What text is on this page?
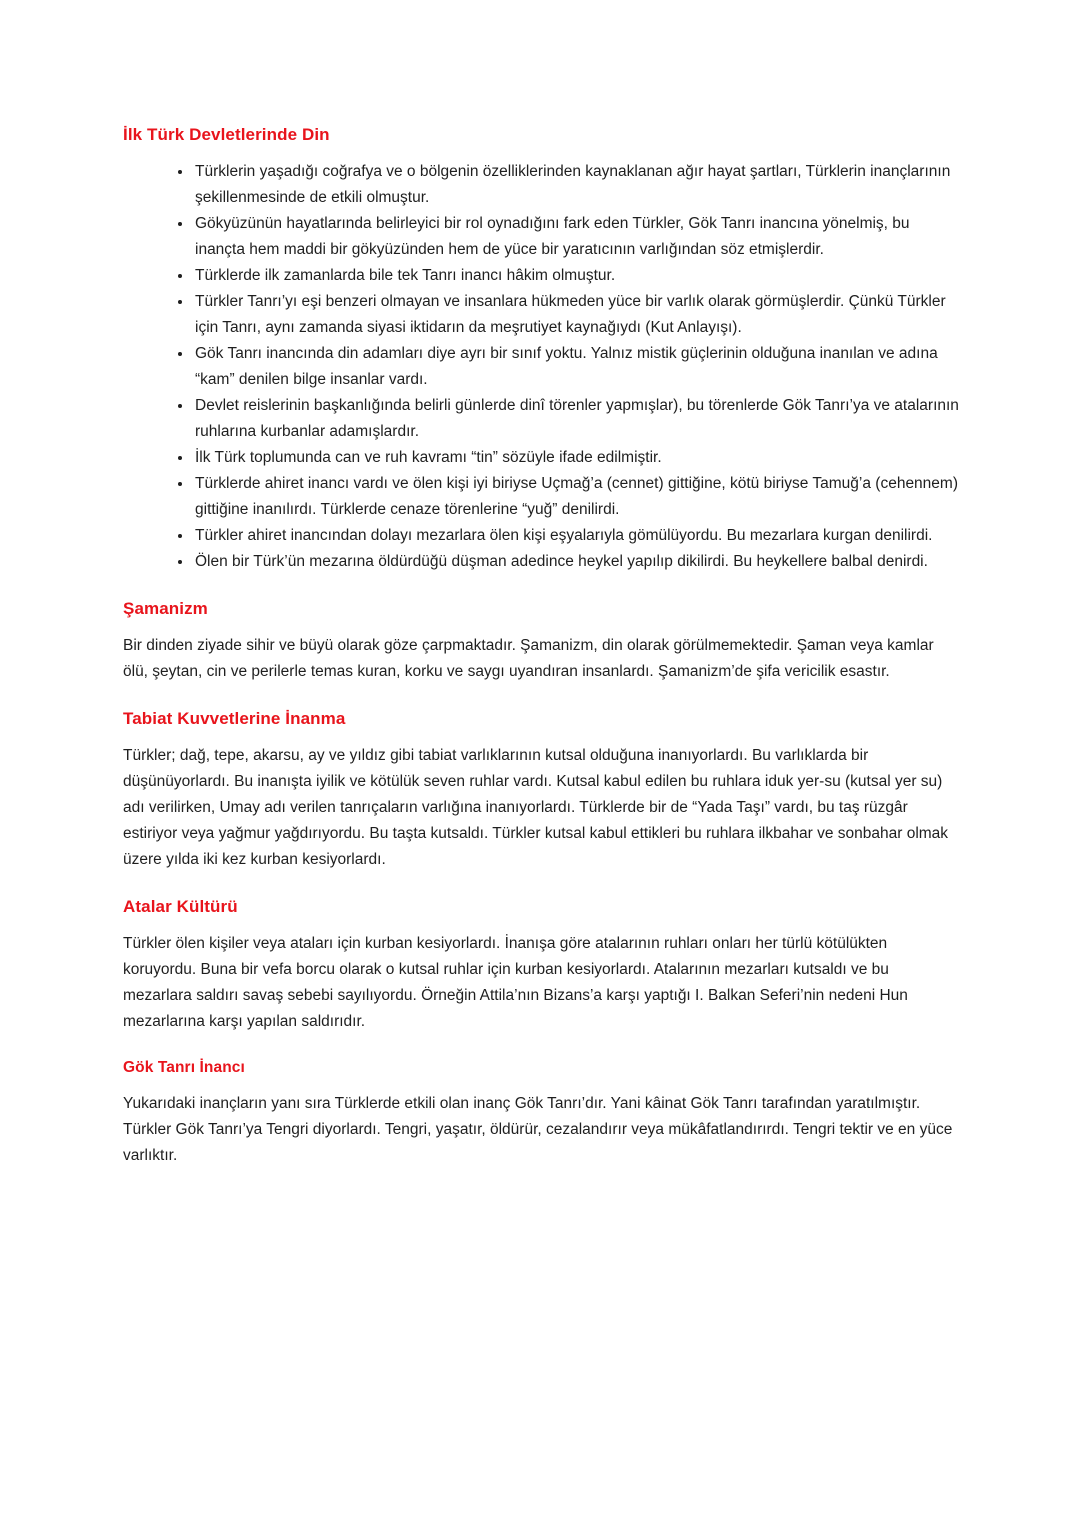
İlk Türk Devletlerinde Din
• Türklerin yaşadığı coğrafya ve o bölgenin özelliklerinden kaynaklanan ağır hayat şartları, Türklerin inançlarının şekillenmesinde de etkili olmuştur.
• Gökyüzünün hayatlarında belirleyici bir rol oynadığını fark eden Türkler, Gök Tanrı inancına yönelmiş, bu inançta hem maddi bir gökyüzünden hem de yüce bir yaratıcının varlığından söz etmişlerdir.
• Türklerde ilk zamanlarda bile tek Tanrı inancı hâkim olmuştur.
• Türkler Tanrı’yı eşi benzeri olmayan ve insanlara hükmeden yüce bir varlık olarak görmüşlerdir. Çünkü Türkler için Tanrı, aynı zamanda siyasi iktidarın da meşrutiyet kaynağıydı (Kut Anlayışı).
• Gök Tanrı inancında din adamları diye ayrı bir sınıf yoktu. Yalnız mistik güçlerinin olduğuna inanılan ve adına “kam” denilen bilge insanlar vardı.
• Devlet reislerinin başkanlığında belirli günlerde dinî törenler yapmışlar), bu törenlerde Gök Tanrı’ya ve atalarının ruhlarına kurbanlar adamışlardır.
• İlk Türk toplumunda can ve ruh kavramı “tin” sözüyle ifade edilmiştir.
• Türklerde ahiret inancı vardı ve ölen kişi iyi biriyse Uçmağ’a (cennet) gittiğine, kötü biriyse Tamuğ’a (cehennem) gittiğine inanılırdı. Türklerde cenaze törenlerine “yuğ” denilirdi.
• Türkler ahiret inancından dolayı mezarlara ölen kişi eşyalarıyla gömülüyordu. Bu mezarlara kurgan denilirdi.
• Ölen bir Türk’ün mezarına öldürdüğü düşman adedince heykel yapılıp dikilirdi. Bu heykellere balbal denirdi.
Şamanizm

Bir dinden ziyade sihir ve büyü olarak göze çarpmaktadır. Şamanizm, din olarak görülmemektedir. Şaman veya kamlar ölü, şeytan, cin ve perilerle temas kuran, korku ve saygı uyandıran insanlardı. Şamanizm’de şifa vericilik esastır.

Tabiat Kuvvetlerine İnanma

Türkler; dağ, tepe, akarsu, ay ve yıldız gibi tabiat varlıklarının kutsal olduğuna inanıyorlardı. Bu varlıklarda bir düşünüyorlardı. Bu inanışta iyilik ve kötülük seven ruhlar vardı. Kutsal kabul edilen bu ruhlara iduk yer-su (kutsal yer su) adı verilirken, Umay adı verilen tanrıçaların varlığına inanıyorlardı. Türklerde bir de “Yada Taşı” vardı, bu taş rüzgâr estiriyor veya yağmur yağdırıyordu. Bu taşta kutsaldı. Türkler kutsal kabul ettikleri bu ruhlara ilkbahar ve sonbahar olmak üzere yılda iki kez kurban kesiyorlardı.

Atalar Kültürü

Türkler ölen kişiler veya ataları için kurban kesiyorlardı. İnanışa göre atalarının ruhları onları her türlü kötülükten koruyordu. Buna bir vefa borcu olarak o kutsal ruhlar için kurban kesiyorlardı. Atalarının mezarları kutsaldı ve bu mezarlara saldırı savaş sebebi sayılıyordu. Örneğin Attila’nın Bizans’a karşı yaptığı I. Balkan Seferi’nin nedeni Hun mezarlarına karşı yapılan saldırıdır.

Gök Tanrı İnancı

Yukarıdaki inançların yanı sıra Türklerde etkili olan inanç Gök Tanrı’dır. Yani kâinat Gök Tanrı tarafından yaratılmıştır. Türkler Gök Tanrı’ya Tengri diyorlardı. Tengri, yaşatır, öldürür, cezalandırır veya mükâfatlandırırdı. Tengri tektir ve en yüce varlıktır.
